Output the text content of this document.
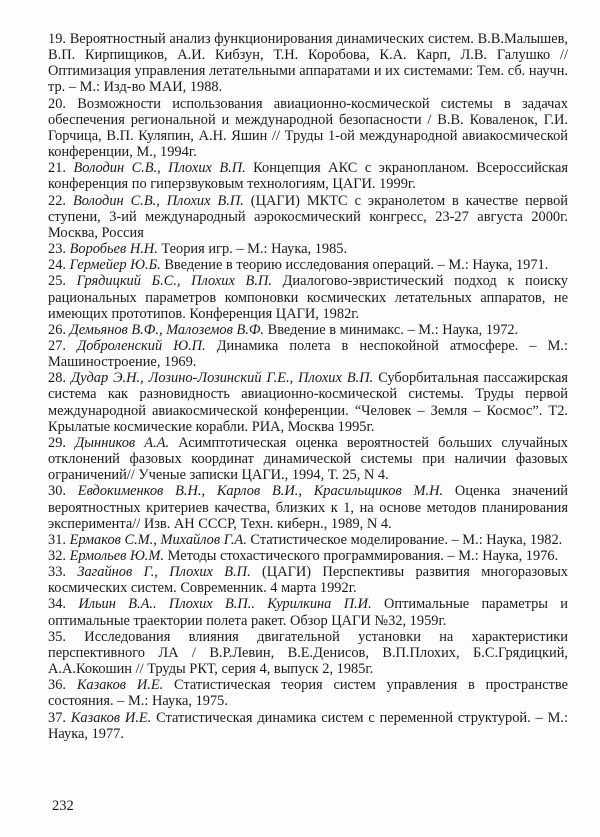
19. Вероятностный анализ функционирования динамических систем. В.В.Малышев, В.П. Кирпищиков, А.И. Кибзун, Т.Н. Коробова, К.А. Карп, Л.В. Галушко // Оптимизация управления летательными аппаратами и их системами: Тем. сб. научн. тр. – М.: Изд-во МАИ, 1988.

20. Возможности использования авиационно-космической системы в задачах обеспечения региональной и международной безопасности / В.В. Коваленок, Г.И. Горчица, В.П. Куляпин, А.Н. Яшин // Труды 1-ой международной авиакосмической конференции, М., 1994г.

21. Володин С.В., Плохих В.П. Концепция АКС с экранопланом. Всероссийская конференция по гиперзвуковым технологиям, ЦАГИ. 1999г.

22. Володин С.В., Плохих В.П. (ЦАГИ) МКТС с экранолетом в качестве первой ступени, 3-ий международный аэрокосмический конгресс, 23-27 августа 2000г. Москва, Россия

23. Воробьев Н.Н. Теория игр. – М.: Наука, 1985.

24. Гермейер Ю.Б. Введение в теорию исследования операций. – М.: Наука, 1971.

25. Грядицкий Б.С., Плохих В.П. Диалогово-эвристический подход к поиску рациональных параметров компоновки космических летательных аппаратов, не имеющих прототипов. Конференция ЦАГИ, 1982г.

26. Демьянов В.Ф., Малоземов В.Ф. Введение в минимакс. – М.: Наука, 1972.

27. Доброленский Ю.П. Динамика полета в неспокойной атмосфере. – М.: Машиностроение, 1969.

28. Дудар Э.Н., Лозино-Лозинский Г.Е., Плохих В.П. Суборбитальная пассажирская система как разновидность авиационно-космической системы. Труды первой международной авиакосмической конференции. “Человек – Земля – Космос”. Т2. Крылатые космические корабли. РИА, Москва 1995г.

29. Дынников А.А. Асимптотическая оценка вероятностей больших случайных отклонений фазовых координат динамической системы при наличии фазовых ограничений// Ученые записки ЦАГИ., 1994, Т. 25, N 4.

30. Евдокименков В.Н., Карлов В.И., Красильщиков М.Н. Оценка значений вероятностных критериев качества, близких к 1, на основе методов планирования эксперимента// Изв. АН СССР, Техн. киберн., 1989, N 4.

31. Ермаков С.М., Михайлов Г.А. Статистическое моделирование. – М.: Наука, 1982.

32. Ермольев Ю.М. Методы стохастического программирования. – М.: Наука, 1976.

33. Загайнов Г., Плохих В.П. (ЦАГИ) Перспективы развития многоразовых космических систем. Современник. 4 марта 1992г.

34. Ильин В.А.. Плохих В.П.. Курилкина П.И. Оптимальные параметры и оптимальные траектории полета ракет. Обзор ЦАГИ №32, 1959г.

35. Исследования влияния двигательной установки на характеристики перспективного ЛА / В.Р.Левин, В.Е.Денисов, В.П.Плохих, Б.С.Грядицкий, А.А.Кокошин // Труды РКТ, серия 4, выпуск 2, 1985г.

36. Казаков И.Е. Статистическая теория систем управления в пространстве состояния. – М.: Наука, 1975.

37. Казаков И.Е. Статистическая динамика систем с переменной структурой. – М.: Наука, 1977.

232
